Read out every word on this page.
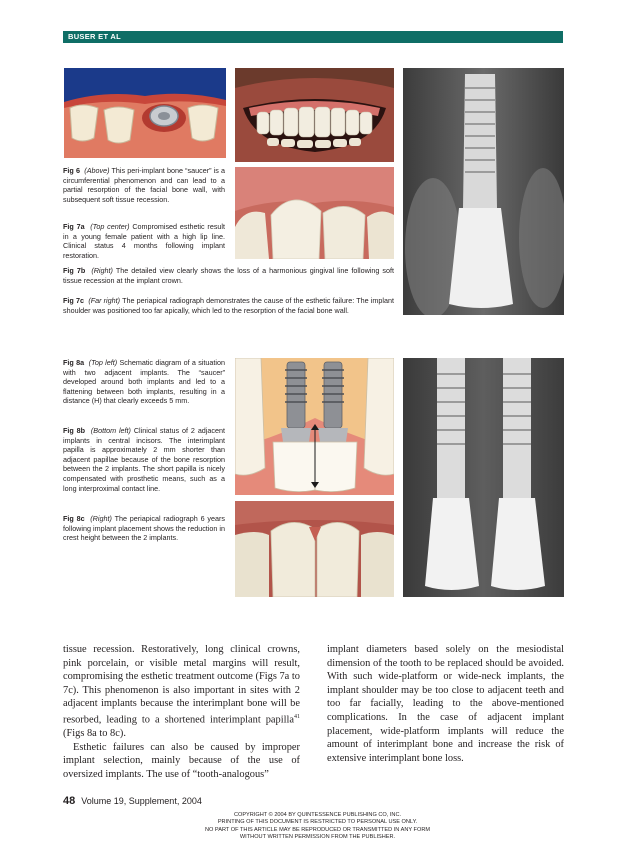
BUSER ET AL
Fig 6 (Above) This peri-implant bone “saucer” is a circumferential phenomenon and can lead to a partial resorption of the facial bone wall, with subsequent soft tissue recession.
Fig 7a (Top center) Compromised esthetic result in a young female patient with a high lip line. Clinical status 4 months following implant restoration.
Fig 7b (Right) The detailed view clearly shows the loss of a harmonious gingival line following soft tissue recession at the implant crown.
Fig 7c (Far right) The periapical radiograph demonstrates the cause of the esthetic failure: The implant shoulder was positioned too far apically, which led to the resorption of the facial bone wall.
Fig 8a (Top left) Schematic diagram of a situation with two adjacent implants. The “saucer” developed around both implants and led to a flattening between both implants, resulting in a distance (H) that clearly exceeds 5 mm.
Fig 8b (Bottom left) Clinical status of 2 adjacent implants in central incisors. The interimplant papilla is approximately 2 mm shorter than adjacent papillae because of the bone resorption between the 2 implants. The short papilla is nicely compensated with prosthetic means, such as a long interproximal contact line.
Fig 8c (Right) The periapical radiograph 6 years following implant placement shows the reduction in crest height between the 2 implants.

tissue recession. Restoratively, long clinical crowns, pink porcelain, or visible metal margins will result, compromising the esthetic treatment outcome (Figs 7a to 7c). This phenomenon is also important in sites with 2 adjacent implants because the interimplant bone will be resorbed, leading to a shortened interimplant papilla$^{41}$ (Figs 8a to 8c).

Esthetic failures can also be caused by improper implant selection, mainly because of the use of oversized implants. The use of “tooth-analogous”

implant diameters based solely on the mesiodistal dimension of the tooth to be replaced should be avoided. With such wide-platform or wide-neck implants, the implant shoulder may be too close to adjacent teeth and too far facially, leading to the above-mentioned complications. In the case of adjacent implant placement, wide-platform implants will reduce the amount of interimplant bone and increase the risk of extensive interimplant bone loss.

48 Volume 19, Supplement, 2004
COPYRIGHT © 2004 BY QUINTESSENCE PUBLISHING CO, INC.
PRINTING OF THIS DOCUMENT IS RESTRICTED TO PERSONAL USE ONLY.
NO PART OF THIS ARTICLE MAY BE REPRODUCED OR TRANSMITTED IN ANY FORM
WITHOUT WRITTEN PERMISSION FROM THE PUBLISHER.
